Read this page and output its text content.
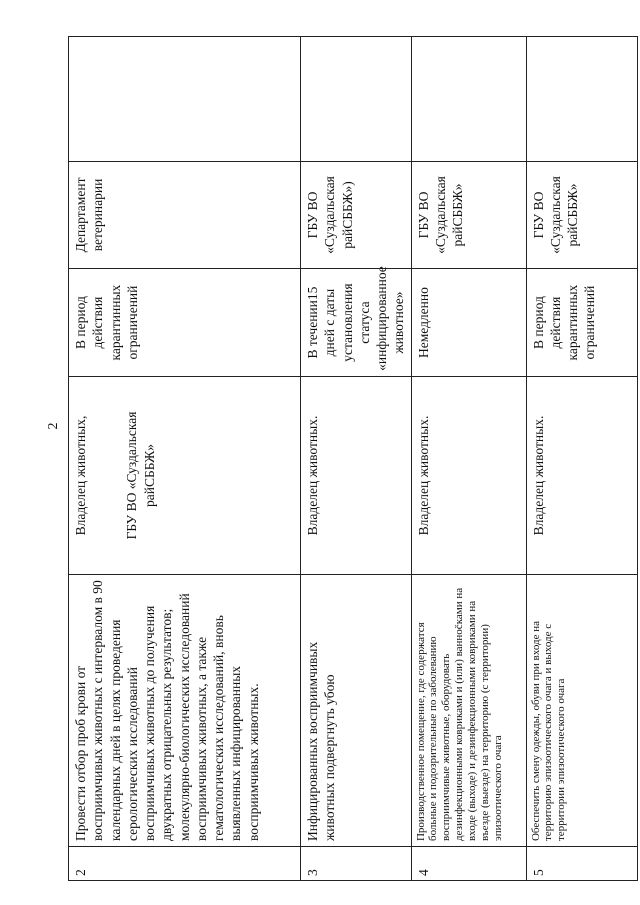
2
2	Провести отбор проб крови от восприимчивых животных с интервалом в 90 календарных дней в целях проведения серологических исследований восприимчивых животных до получения двукратных отрицательных результатов; молекулярно-биологических исследований восприимчивых животных, а также гематологических исследований, вновь выявленных инфицированных восприимчивых животных.	Владелец животных, ГБУ ВО «Суздальская райСББЖ»	В период действия карантинных ограничений	Департамент ветеринарии	
3	Инфицированных восприимчивых животных подвергнуть убою	Владелец животных.	В течении15 дней с даты установления статуса «инфицированное животное»	ГБУ ВО «Суздальская райСББЖ»)	
4	Производственное помещение, где содержатся больные и подозрительные по заболеванию восприимчивые животные, оборудовать дезинфекционными ковриками и (или) ваннočками на входе (выходе) и дезинфекционными ковриками на въезде (выезде) на территорию (с территории) эпизоотического очага	Владелец животных.	Немедленно	ГБУ ВО «Суздальская райСББЖ»	
5	Обеспечить смену одежды, обуви при входе на территорию эпизоотического очага и выходе с территории эпизоотического очага	Владелец животных.	В период действия карантинных ограничений	ГБУ ВО «Суздальская райСББЖ»	
